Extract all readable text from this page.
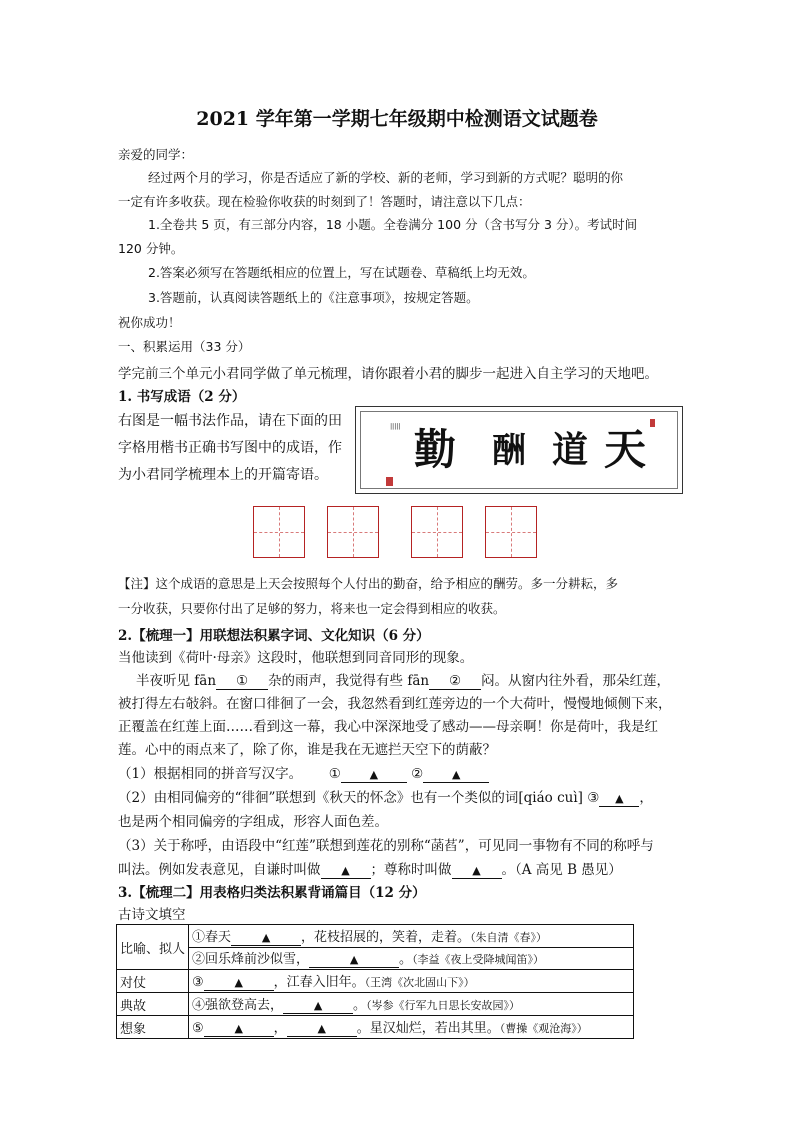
2021 学年第一学期七年级期中检测语文试题卷
亲爱的同学：
经过两个月的学习，你是否适应了新的学校、新的老师，学习到新的方式呢？聪明的你
一定有许多收获。现在检验你收获的时刻到了！答题时，请注意以下几点：
1.全卷共 5 页，有三部分内容，18 小题。全卷满分 100 分（含书写分 3 分）。考试时间
120 分钟。
2.答案必须写在答题纸相应的位置上，写在试题卷、草稿纸上均无效。
3.答题前，认真阅读答题纸上的《注意事项》，按规定答题。
祝你成功！
一、积累运用（33 分）
学完前三个单元小君同学做了单元梳理，请你跟着小君的脚步一起进入自主学习的天地吧。
1. 书写成语（2 分）
右图是一幅书法作品，请在下面的田
字格用楷书正确书写图中的成语，作
为小君同学梳理本上的开篇寄语。
∣∣∣∣∣ 勤 酬 道 天
【注】这个成语的意思是上天会按照每个人付出的勤奋，给予相应的酬劳。多一分耕耘，多
一分收获，只要你付出了足够的努力，将来也一定会得到相应的收获。
2.【梳理一】用联想法积累字词、文化知识（6 分）
当他读到《荷叶·母亲》这段时，他联想到同音同形的现象。
半夜听见 fān ① 杂的雨声，我觉得有些 fān ② 闷。从窗内往外看，那朵红莲，
被打得左右敧斜。在窗口徘徊了一会，我忽然看到红莲旁边的一个大荷叶，慢慢地倾侧下来，
正覆盖在红莲上面……看到这一幕，我心中深深地受了感动——母亲啊！你是荷叶，我是红
莲。心中的雨点来了，除了你，谁是我在无遮拦天空下的荫蔽？
（1）根据相同的拼音写汉字。 ①	▲ ②	▲
（2）由相同偏旁的“徘徊”联想到《秋天的怀念》也有一个类似的词[qiáo cuì] ③ ▲ ，
也是两个相同偏旁的字组成，形容人面色差。
（3）关于称呼，由语段中“红莲”联想到莲花的别称“菡萏”，可见同一事物有不同的称呼与
叫法。例如发表意见，自谦时叫做 ▲ ；尊称时叫做 ▲ 。（A 高见 B 愚见）
3.【梳理二】用表格归类法积累背诵篇目（12 分）
比喻、拟人	①春天 ▲ ，花枝招展的，笑着，走着。（朱自清《春》）
	②回乐烽前沙似雪， ▲ 。（李益《夜上受降城闻笛》）
对仗	③ ▲ ，江春入旧年。（王湾《次北固山下》）
典故	④强欲登高去， ▲ 。（岑参《行军九日思长安故园》）
想象	⑤ ▲ ， ▲ 。星汉灿烂，若出其里。（曹操《观沧海》）
古诗文填空
